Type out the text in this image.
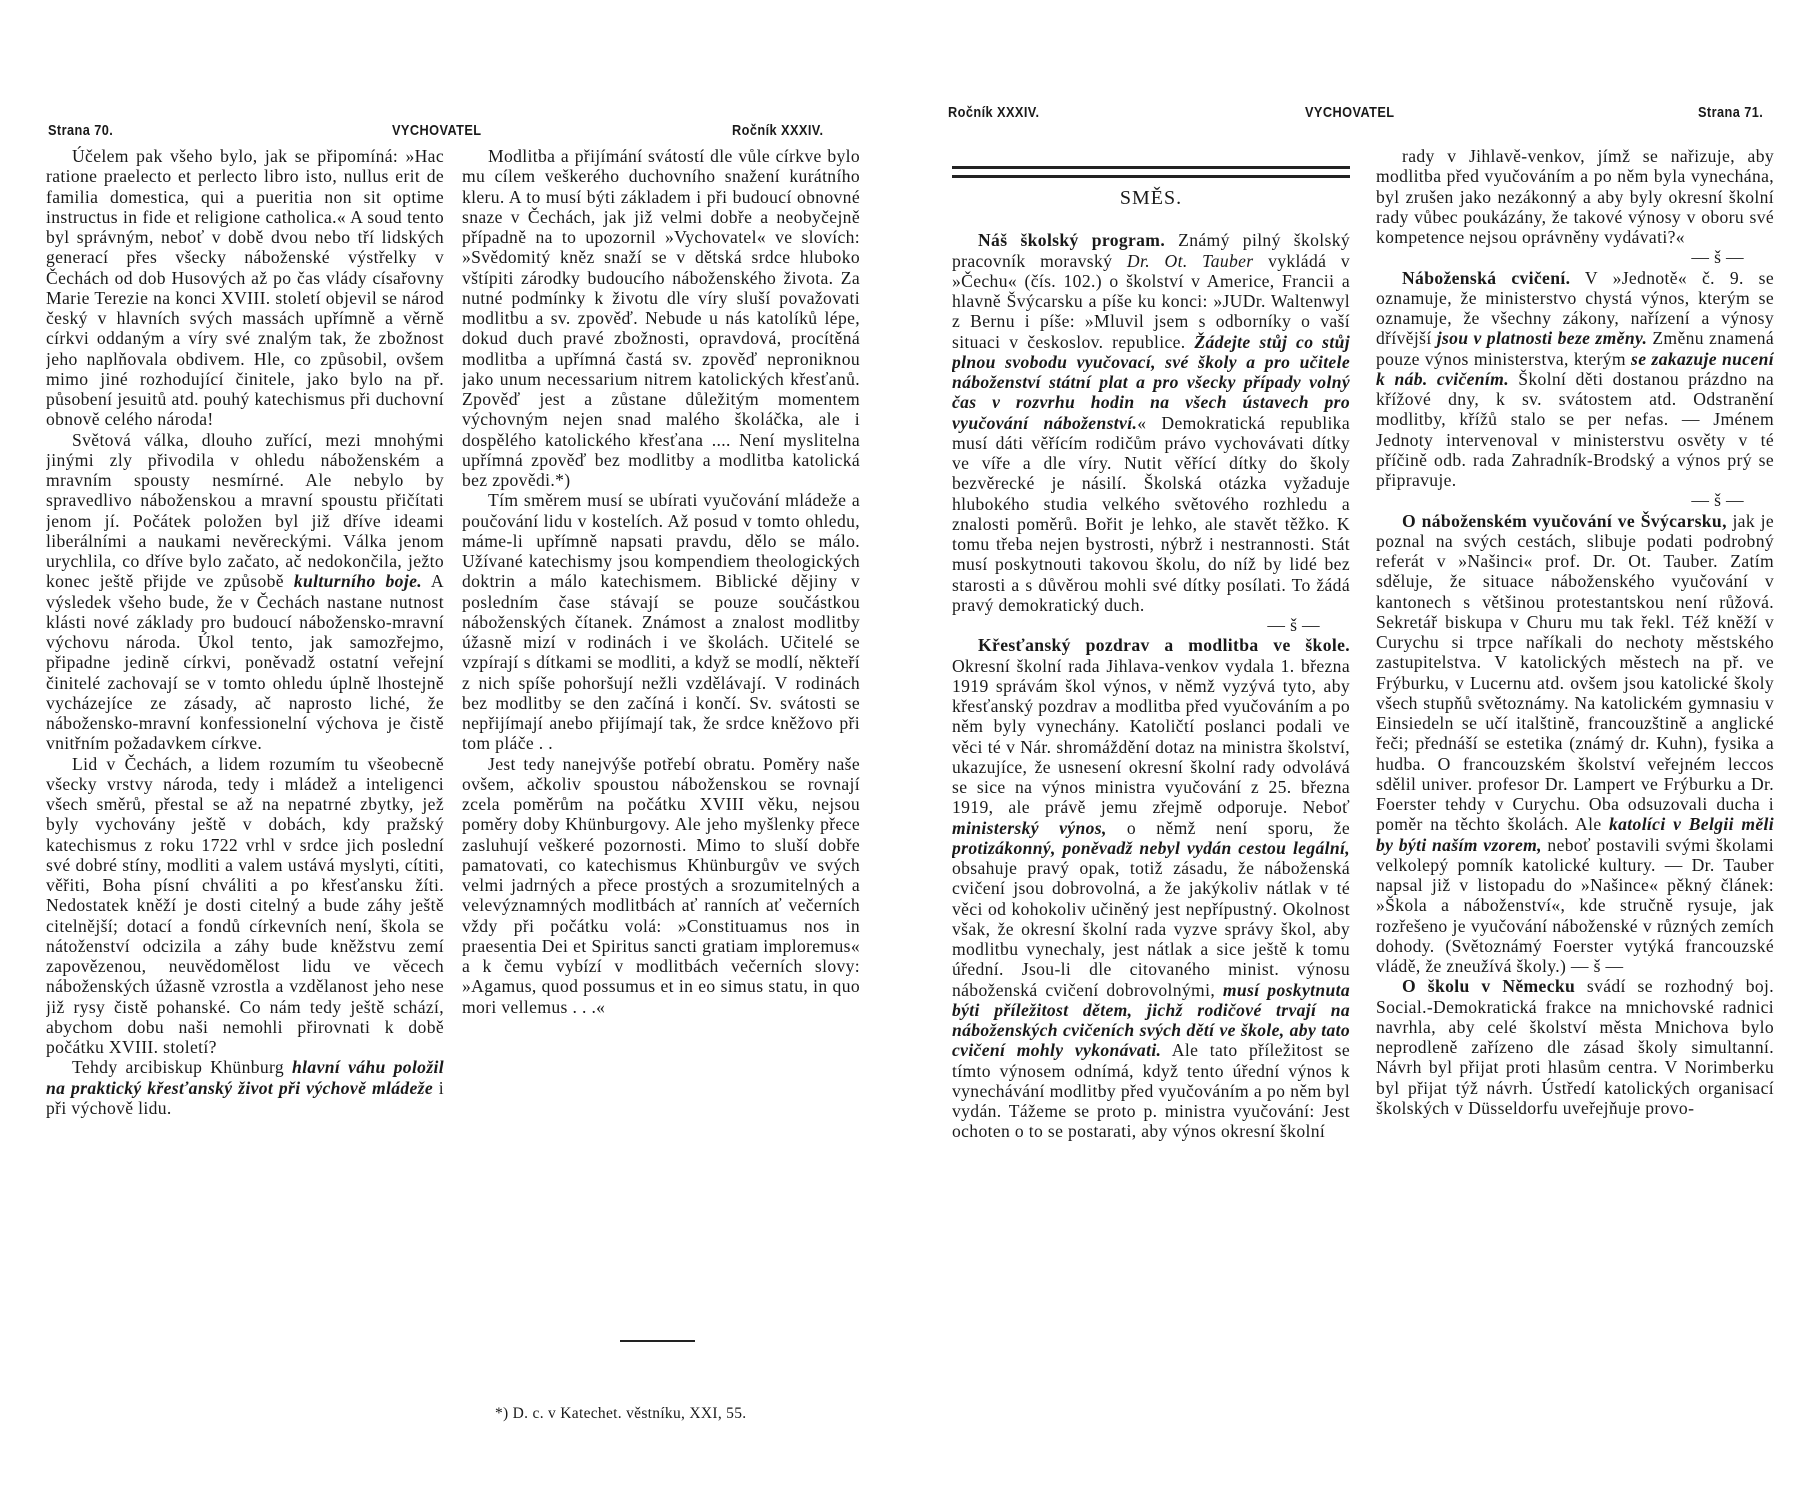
Strana 70.	VYCHOVATEL	Ročník XXXIV.

Účelem pak všeho bylo, jak se připomíná: »Hac ratione praelecto et perlecto libro isto, nullus erit de familia domestica, qui a pueritia non sit optime instructus in fide et religione catholica.« A soud tento byl správným, neboť v době dvou nebo tří lidských generací přes všecky náboženské výstřelky v Čechách od dob Husových až po čas vlády císařovny Marie Terezie na konci XVIII. století objevil se národ český v hlavních svých massách upřímně a věrně církvi oddaným a víry své znalým tak, že zbožnost jeho naplňovala obdivem. Hle, co způsobil, ovšem mimo jiné rozhodující činitele, jako bylo na př. působení jesuitů atd. pouhý katechismus při duchovní obnově celého národa!

Světová válka, dlouho zuřící, mezi mnohými jinými zly přivodila v ohledu náboženském a mravním spousty nesmírné. Ale nebylo by spravedlivo náboženskou a mravní spoustu přičítati jenom jí. Počátek položen byl již dříve ideami liberálními a naukami nevěreckými. Válka jenom urychlila, co dříve bylo začato, ač nedokončila, ježto konec ještě přijde ve způsobě kulturního boje. A výsledek všeho bude, že v Čechách nastane nutnost klásti nové základy pro budoucí nábožensko-mravní výchovu národa. Úkol tento, jak samozřejmo, připadne jedině církvi, poněvadž ostatní veřejní činitelé zachovají se v tomto ohledu úplně lhostejně vycházejíce ze zásady, ač naprosto liché, že nábožensko-mravní konfessionelní výchova je čistě vnitřním požadavkem církve.

Lid v Čechách, a lidem rozumím tu všeobecně všecky vrstvy národa, tedy i mládež a inteligenci všech směrů, přestal se až na nepatrné zbytky, jež byly vychovány ještě v dobách, kdy pražský katechismus z roku 1722 vrhl v srdce jich poslední své dobré stíny, modliti a valem ustává myslyti, cítiti, věřiti, Boha písní chváliti a po křesťansku žíti. Nedostatek kněží je dosti citelný a bude záhy ještě citelnější; dotací a fondů církevních není, škola se nátoženství odcizila a záhy bude kněžstvu zemí zapovězenou, neuvědomělost lidu ve věcech náboženských úžasně vzrostla a vzdělanost jeho nese již rysy čistě pohanské. Co nám tedy ještě schází, abychom dobu naši nemohli přirovnati k době počátku XVIII. století?

Tehdy arcibiskup Khünburg hlavní váhu položil na praktický křesťanský život při výchově mládeže i při výchově lidu.

Modlitba a přijímání svátostí dle vůle církve bylo mu cílem veškerého duchovního snažení kurátního kleru. A to musí býti základem i při budoucí obnovné snaze v Čechách, jak již velmi dobře a neobyčejně případně na to upozornil »Vychovatel« ve slovích: »Svědomitý kněz snaží se v dětská srdce hluboko vštípiti zárodky budoucího náboženského života. Za nutné podmínky k životu dle víry sluší považovati modlitbu a sv. zpověď. Nebude u nás katolíků lépe, dokud duch pravé zbožnosti, opravdová, procítěná modlitba a upřímná častá sv. zpověď neproniknou jako unum necessarium nitrem katolických křesťanů. Zpověď jest a zůstane důležitým momentem výchovným nejen snad malého školáčka, ale i dospělého katolického křesťana .... Není myslitelna upřímná zpověď bez modlitby a modlitba katolická bez zpovědi.*)

Tím směrem musí se ubírati vyučování mládeže a poučování lidu v kostelích. Až posud v tomto ohledu, máme-li upřímně napsati pravdu, dělo se málo. Užívané katechismy jsou kompendiem theologických doktrin a málo katechismem. Biblické dějiny v posledním čase stávají se pouze součástkou náboženských čítanek. Známost a znalost modlitby úžasně mizí v rodinách i ve školách. Učitelé se vzpírají s dítkami se modliti, a když se modlí, někteří z nich spíše pohoršují nežli vzdělávají. V rodinách bez modlitby se den začíná i končí. Sv. svátosti se nepřijímají anebo přijímají tak, že srdce kněžovo při tom pláče . .

Jest tedy nanejvýše potřebí obratu. Poměry naše ovšem, ačkoliv spoustou náboženskou se rovnají zcela poměrům na počátku XVIII věku, nejsou poměry doby Khünburgovy. Ale jeho myšlenky přece zasluhují veškeré pozornosti. Mimo to sluší dobře pamatovati, co katechismus Khünburgův ve svých velmi jadrných a přece prostých a srozumitelných a velevýznamných modlitbách ať ranních ať večerních vždy při počátku volá: »Constituamus nos in praesentia Dei et Spiritus sancti gratiam imploremus« a k čemu vybízí v modlitbách večerních slovy: »Agamus, quod possumus et in eo simus statu, in quo mori vellemus . . .«

*) D. c. v Katechet. věstníku, XXI, 55.
Ročník XXXIV.	VYCHOVATEL	Strana 71.
SMĚS.

Náš školský program. Známý pilný školský pracovník moravský Dr. Ot. Tauber vykládá v »Čechu« (čís. 102.) o školství v Americe, Francii a hlavně Švýcarsku a píše ku konci: »JUDr. Waltenwyl z Bernu i píše: »Mluvil jsem s odborníky o vaší situaci v českoslov. republice. Žádejte stůj co stůj plnou svobodu vyučovací, své školy a pro učitele náboženství státní plat a pro všecky případy volný čas v rozvrhu hodin na všech ústavech pro vyučování náboženství.« Demokratická republika musí dáti věřícím rodičům právo vychovávati dítky ve víře a dle víry. Nutit věřící dítky do školy bezvěrecké je násilí. Školská otázka vyžaduje hlubokého studia velkého světového rozhledu a znalosti poměrů. Bořit je lehko, ale stavět těžko. K tomu třeba nejen bystrosti, nýbrž i nestrannosti. Stát musí poskytnouti takovou školu, do níž by lidé bez starosti a s důvěrou mohli své dítky posílati. To žádá pravý demokratický duch.

— š —

Křesťanský pozdrav a modlitba ve škole. Okresní školní rada Jihlava-venkov vydala 1. března 1919 správám škol výnos, v němž vyzývá tyto, aby křesťanský pozdrav a modlitba před vyučováním a po něm byly vynechány. Katoličtí poslanci podali ve věci té v Nár. shromáždění dotaz na ministra školství, ukazujíce, že usnesení okresní školní rady odvolává se sice na výnos ministra vyučování z 25. března 1919, ale právě jemu zřejmě odporuje. Neboť ministerský výnos, o němž není sporu, že protizákonný, poněvadž nebyl vydán cestou legální, obsahuje pravý opak, totiž zásadu, že náboženská cvičení jsou dobrovolná, a že jakýkoliv nátlak v té věci od kohokoliv učiněný jest nepřípustný. Okolnost však, že okresní školní rada vyzve správy škol, aby modlitbu vynechaly, jest nátlak a sice ještě k tomu úřední. Jsou-li dle citovaného minist. výnosu náboženská cvičení dobrovolnými, musí poskytnuta býti příležitost dětem, jichž rodičové trvají na náboženských cvičeních svých dětí ve škole, aby tato cvičení mohly vykonávati. Ale tato příležitost se tímto výnosem odnímá, když tento úřední výnos k vynechávání modlitby před vyučováním a po něm byl vydán. Tážeme se proto p. ministra vyučování: Jest ochoten o to se postarati, aby výnos okresní školní

rady v Jihlavě-venkov, jímž se nařizuje, aby modlitba před vyučováním a po něm byla vynechána, byl zrušen jako nezákonný a aby byly okresní školní rady vůbec poukázány, že takové výnosy v oboru své kompetence nejsou oprávněny vydávati?«

— š —

Náboženská cvičení. V »Jednotě« č. 9. se oznamuje, že ministerstvo chystá výnos, kterým se oznamuje, že všechny zákony, nařízení a výnosy dřívější jsou v platnosti beze změny. Změnu znamená pouze výnos ministerstva, kterým se zakazuje nucení k náb. cvičením. Školní děti dostanou prázdno na křížové dny, k sv. svátostem atd. Odstranění modlitby, křížů stalo se per nefas. — Jménem Jednoty intervenoval v ministerstvu osvěty v té příčině odb. rada Zahradník-Brodský a výnos prý se připravuje.

— š —

O náboženském vyučování ve Švýcarsku, jak je poznal na svých cestách, slibuje podati podrobný referát v »Našinci« prof. Dr. Ot. Tauber. Zatím sděluje, že situace náboženského vyučování v kantonech s většinou protestantskou není růžová. Sekretář biskupa v Churu mu tak řekl. Též kněží v Curychu si trpce naříkali do nechoty městského zastupitelstva. V katolických městech na př. ve Frýburku, v Lucernu atd. ovšem jsou katolické školy všech stupňů světoznámy. Na katolickém gymnasiu v Einsiedeln se učí italštině, francouzštině a anglické řeči; přednáší se estetika (známý dr. Kuhn), fysika a hudba. O francouzském školství veřejném leccos sdělil univer. profesor Dr. Lampert ve Frýburku a Dr. Foerster tehdy v Curychu. Oba odsuzovali ducha i poměr na těchto školách. Ale katolíci v Belgii měli by býti naším vzorem, neboť postavili svými školami velkolepý pomník katolické kultury. — Dr. Tauber napsal již v listopadu do »Našince« pěkný článek: »Škola a náboženství«, kde stručně rysuje, jak rozřešeno je vyučování náboženské v různých zemích dohody. (Světoznámý Foerster vytýká francouzské vládě, že zneužívá školy.) — š —

O školu v Německu svádí se rozhodný boj. Social.-Demokratická frakce na mnichovské radnici navrhla, aby celé školství města Mnichova bylo neprodleně zařízeno dle zásad školy simultanní. Návrh byl přijat proti hlasům centra. V Norimberku byl přijat týž návrh. Ústředí katolických organisací školských v Düsseldorfu uveřejňuje provo-
